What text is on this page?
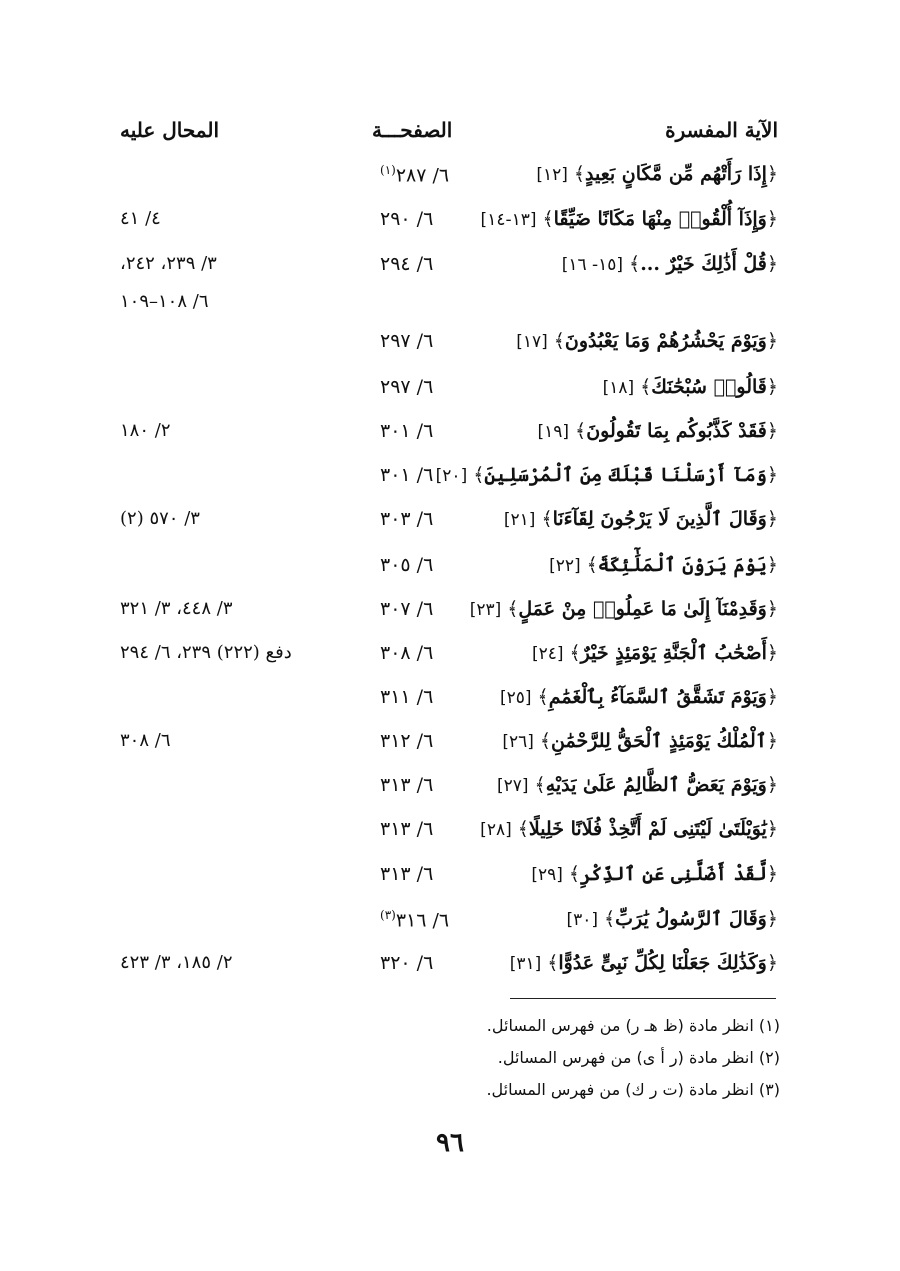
الآية المفسرة
الصفحـــة
المحال عليه
﴿إِذَا رَأَتْهُم مِّن مَّكَانٍ بَعِيدٍ﴾[١٢]
٦/ ٢٨٧$^{(١)}$
﴿وَإِذَآ أُلْقُوا۟ مِنْهَا مَكَانًا ضَيِّقًا﴾[١٣-١٤]
٦/ ٢٩٠
٤/ ٤١
﴿قُلْ أَذَٰلِكَ خَيْرٌ ...﴾[١٥- ١٦]
٦/ ٢٩٤
٣/ ٢٣٩، ٢٤٢،
٦/ ١٠٨–١٠٩
﴿وَيَوْمَ يَحْشُرُهُمْ وَمَا يَعْبُدُونَ﴾[١٧]
٦/ ٢٩٧
﴿قَالُوا۟ سُبْحَٰنَكَ﴾[١٨]
٦/ ٢٩٧
﴿فَقَدْ كَذَّبُوكُم بِمَا تَقُولُونَ﴾[١٩]
٦/ ٣٠١
٢/ ١٨٠
﴿وَمَآ أَرْسَلْنَا قَبْلَكَ مِنَ ٱلْمُرْسَلِينَ﴾[٢٠]
٦/ ٣٠١
﴿وَقَالَ ٱلَّذِينَ لَا يَرْجُونَ لِقَآءَنَا﴾[٢١]
٦/ ٣٠٣
٣/ ٥٧٠ (٢)
﴿يَوْمَ يَرَوْنَ ٱلْمَلَٰٓئِكَةَ﴾[٢٢]
٦/ ٣٠٥
﴿وَقَدِمْنَآ إِلَىٰ مَا عَمِلُوا۟ مِنْ عَمَلٍ﴾[٢٣]
٦/ ٣٠٧
٣/ ٤٤٨، ٣/ ٣٢١
﴿أَصْحَٰبُ ٱلْجَنَّةِ يَوْمَئِذٍ خَيْرٌ﴾[٢٤]
٦/ ٣٠٨
دفع (٢٢٢) ٢٣٩، ٦/ ٢٩٤
﴿وَيَوْمَ تَشَقَّقُ ٱلسَّمَآءُ بِٱلْغَمَٰمِ﴾[٢٥]
٦/ ٣١١
﴿ٱلْمُلْكُ يَوْمَئِذٍ ٱلْحَقُّ لِلرَّحْمَٰنِ﴾[٢٦]
٦/ ٣١٢
٦/ ٣٠٨
﴿وَيَوْمَ يَعَضُّ ٱلظَّالِمُ عَلَىٰ يَدَيْهِ﴾[٢٧]
٦/ ٣١٣
﴿يَٰوَيْلَتَىٰ لَيْتَنِى لَمْ أَتَّخِذْ فُلَانًا خَلِيلًا﴾[٢٨]
٦/ ٣١٣
﴿لَّقَدْ أَضَلَّنِى عَنِ ٱلذِّكْرِ﴾[٢٩]
٦/ ٣١٣
﴿وَقَالَ ٱلرَّسُولُ يَٰرَبِّ﴾[٣٠]
٦/ ٣١٦$^{(٣)}$
﴿وَكَذَٰلِكَ جَعَلْنَا لِكُلِّ نَبِىٍّ عَدُوًّا﴾[٣١]
٦/ ٣٢٠
٢/ ١٨٥، ٣/ ٤٢٣
(١) انظر مادة (ظ هـ ر) من فهرس المسائل.
(٢) انظر مادة (ر أ ى) من فهرس المسائل.
(٣) انظر مادة (ت ر ك) من فهرس المسائل.
٩٦
